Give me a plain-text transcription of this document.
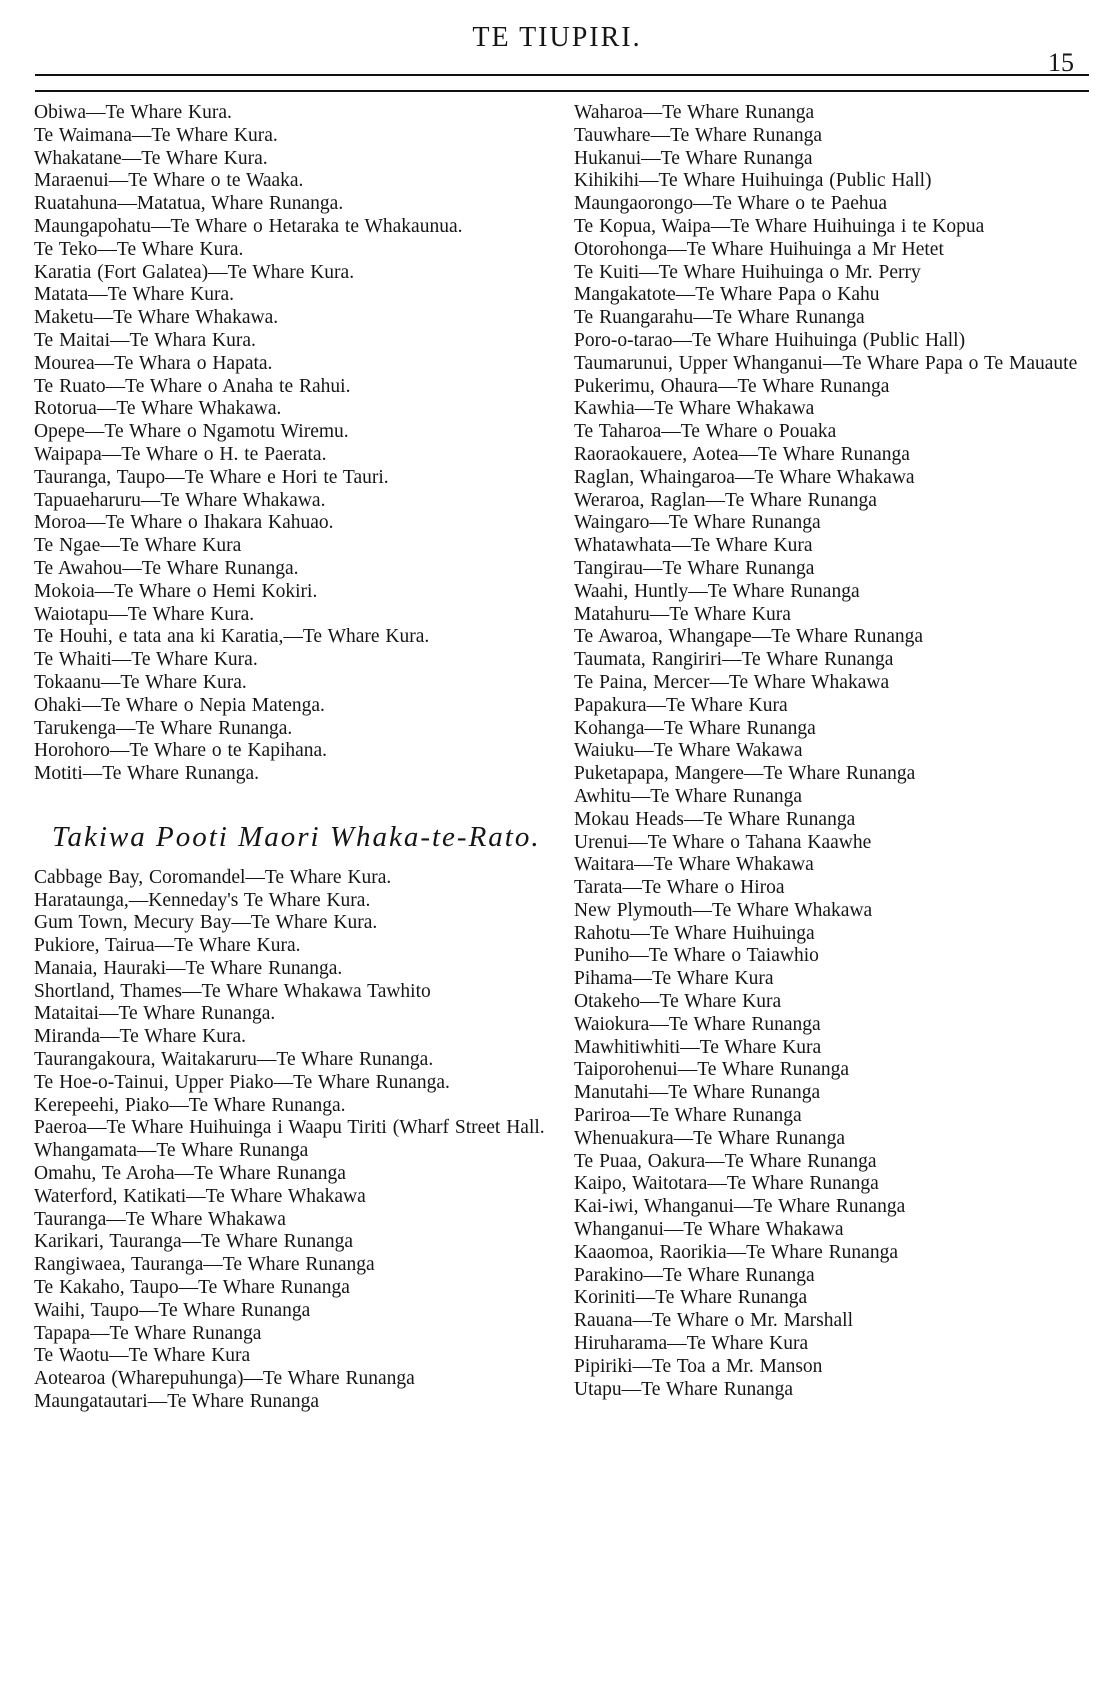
TE TIUPIRI.
15

Obiwa—Te Whare Kura.

Te Waimana—Te Whare Kura.

Whakatane—Te Whare Kura.

Maraenui—Te Whare o te Waaka.

Ruatahuna—Matatua, Whare Runanga.

Maungapohatu—Te Whare o Hetaraka te Whakaunua.

Te Teko—Te Whare Kura.

Karatia (Fort Galatea)—Te Whare Kura.

Matata—Te Whare Kura.

Maketu—Te Whare Whakawa.

Te Maitai—Te Whara Kura.

Mourea—Te Whara o Hapata.

Te Ruato—Te Whare o Anaha te Rahui.

Rotorua—Te Whare Whakawa.

Opepe—Te Whare o Ngamotu Wiremu.

Waipapa—Te Whare o H. te Paerata.

Tauranga, Taupo—Te Whare e Hori te Tauri.

Tapuaeharuru—Te Whare Whakawa.

Moroa—Te Whare o Ihakara Kahuao.

Te Ngae—Te Whare Kura

Te Awahou—Te Whare Runanga.

Mokoia—Te Whare o Hemi Kokiri.

Waiotapu—Te Whare Kura.

Te Houhi, e tata ana ki Karatia,—Te Whare Kura.

Te Whaiti—Te Whare Kura.

Tokaanu—Te Whare Kura.

Ohaki—Te Whare o Nepia Matenga.

Tarukenga—Te Whare Runanga.

Horohoro—Te Whare o te Kapihana.

Motiti—Te Whare Runanga.

Takiwa Pooti Maori Whaka-te-Rato.

Cabbage Bay, Coromandel—Te Whare Kura.

Harataunga,—Kenneday's Te Whare Kura.

Gum Town, Mecury Bay—Te Whare Kura.

Pukiore, Tairua—Te Whare Kura.

Manaia, Hauraki—Te Whare Runanga.

Shortland, Thames—Te Whare Whakawa Tawhito

Mataitai—Te Whare Runanga.

Miranda—Te Whare Kura.

Taurangakoura, Waitakaruru—Te Whare Runanga.

Te Hoe-o-Tainui, Upper Piako—Te Whare Runanga.

Kerepeehi, Piako—Te Whare Runanga.

Paeroa—Te Whare Huihuinga i Waapu Tiriti (Wharf Street Hall.

Whangamata—Te Whare Runanga

Omahu, Te Aroha—Te Whare Runanga

Waterford, Katikati—Te Whare Whakawa

Tauranga—Te Whare Whakawa

Karikari, Tauranga—Te Whare Runanga

Rangiwaea, Tauranga—Te Whare Runanga

Te Kakaho, Taupo—Te Whare Runanga

Waihi, Taupo—Te Whare Runanga

Tapapa—Te Whare Runanga

Te Waotu—Te Whare Kura

Aotearoa (Wharepuhunga)—Te Whare Runanga

Maungatautari—Te Whare Runanga

Waharoa—Te Whare Runanga

Tauwhare—Te Whare Runanga

Hukanui—Te Whare Runanga

Kihikihi—Te Whare Huihuinga (Public Hall)

Maungaorongo—Te Whare o te Paehua

Te Kopua, Waipa—Te Whare Huihuinga i te Kopua

Otorohonga—Te Whare Huihuinga a Mr Hetet

Te Kuiti—Te Whare Huihuinga o Mr. Perry

Mangakatote—Te Whare Papa o Kahu

Te Ruangarahu—Te Whare Runanga

Poro-o-tarao—Te Whare Huihuinga (Public Hall)

Taumarunui, Upper Whanganui—Te Whare Papa o Te Mauaute

Pukerimu, Ohaura—Te Whare Runanga

Kawhia—Te Whare Whakawa

Te Taharoa—Te Whare o Pouaka

Raoraokauere, Aotea—Te Whare Runanga

Raglan, Whaingaroa—Te Whare Whakawa

Weraroa, Raglan—Te Whare Runanga

Waingaro—Te Whare Runanga

Whatawhata—Te Whare Kura

Tangirau—Te Whare Runanga

Waahi, Huntly—Te Whare Runanga

Matahuru—Te Whare Kura

Te Awaroa, Whangape—Te Whare Runanga

Taumata, Rangiriri—Te Whare Runanga

Te Paina, Mercer—Te Whare Whakawa

Papakura—Te Whare Kura

Kohanga—Te Whare Runanga

Waiuku—Te Whare Wakawa

Puketapapa, Mangere—Te Whare Runanga

Awhitu—Te Whare Runanga

Mokau Heads—Te Whare Runanga

Urenui—Te Whare o Tahana Kaawhe

Waitara—Te Whare Whakawa

Tarata—Te Whare o Hiroa

New Plymouth—Te Whare Whakawa

Rahotu—Te Whare Huihuinga

Puniho—Te Whare o Taiawhio

Pihama—Te Whare Kura

Otakeho—Te Whare Kura

Waiokura—Te Whare Runanga

Mawhitiwhiti—Te Whare Kura

Taiporohenui—Te Whare Runanga

Manutahi—Te Whare Runanga

Pariroa—Te Whare Runanga

Whenuakura—Te Whare Runanga

Te Puaa, Oakura—Te Whare Runanga

Kaipo, Waitotara—Te Whare Runanga

Kai-iwi, Whanganui—Te Whare Runanga

Whanganui—Te Whare Whakawa

Kaaomoa, Raorikia—Te Whare Runanga

Parakino—Te Whare Runanga

Koriniti—Te Whare Runanga

Rauana—Te Whare o Mr. Marshall

Hiruharama—Te Whare Kura

Pipiriki—Te Toa a Mr. Manson

Utapu—Te Whare Runanga
